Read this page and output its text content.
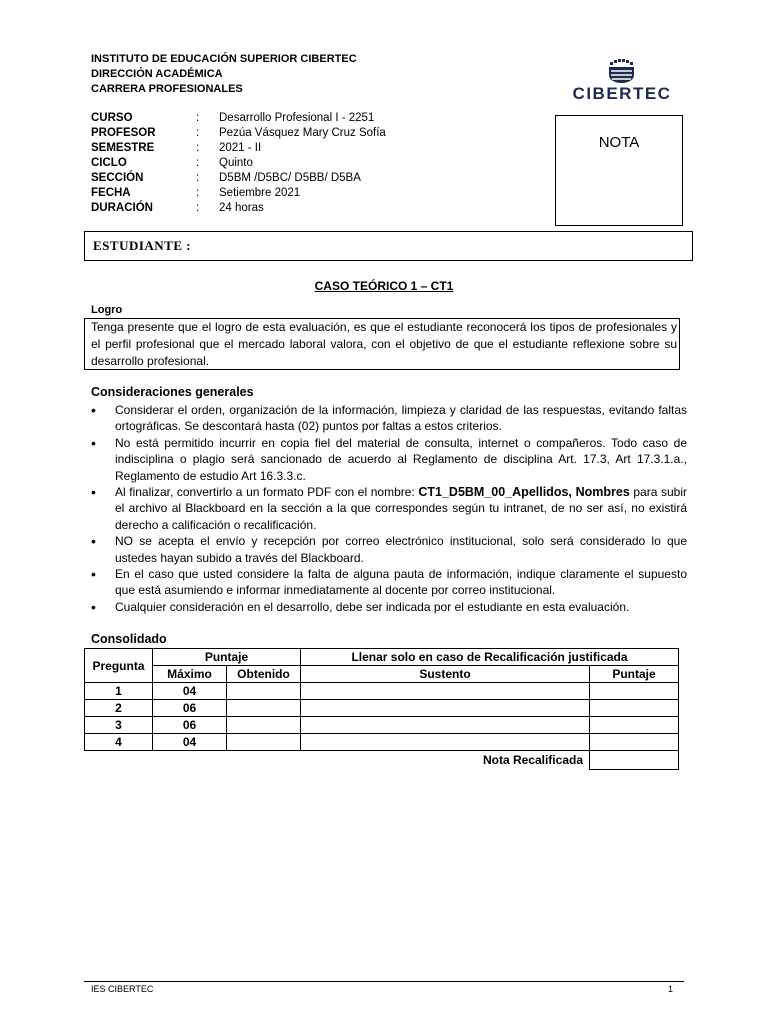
INSTITUTO DE EDUCACIÓN SUPERIOR CIBERTEC
DIRECCIÓN ACADÉMICA
CARRERA PROFESIONALES	CIBERTEC
CURSO	: Desarrollo Profesional I - 2251
PROFESOR	: Pezúa Vásquez Mary Cruz Sofía
SEMESTRE	: 2021 - II
CICLO	: Quinto
SECCIÓN	: D5BM /D5BC/ D5BB/ D5BA
FECHA	: Setiembre 2021
DURACIÓN	: 24 horas
NOTA
ESTUDIANTE :
CASO TEÓRICO 1 – CT1
Logro
Tenga presente que el logro de esta evaluación, es que el estudiante reconocerá los tipos de profesionales y el perfil profesional que el mercado laboral valora, con el objetivo de que el estudiante reflexione sobre su desarrollo profesional.
Consideraciones generales
• Considerar el orden, organización de la información, limpieza y claridad de las respuestas, evitando faltas ortográficas. Se descontará hasta (02) puntos por faltas a estos criterios.
• No está permitido incurrir en copia fiel del material de consulta, internet o compañeros. Todo caso de indisciplina o plagio será sancionado de acuerdo al Reglamento de disciplina Art. 17.3, Art 17.3.1.a., Reglamento de estudio Art 16.3.3.c.
• Al finalizar, convertirlo a un formato PDF con el nombre: CT1_D5BM_00_Apellidos, Nombres para subir el archivo al Blackboard en la sección a la que correspondes según tu intranet, de no ser así, no existirá derecho a calificación o recalificación.
• NO se acepta el envío y recepción por correo electrónico institucional, solo será considerado lo que ustedes hayan subido a través del Blackboard.
• En el caso que usted considere la falta de alguna pauta de información, indique claramente el supuesto que está asumiendo e informar inmediatamente al docente por correo institucional.
• Cualquier consideración en el desarrollo, debe ser indicada por el estudiante en esta evaluación.
Consolidado
Pregunta	Puntaje		Llenar solo en caso de Recalificación justificada	
	Máximo	Obtenido	Sustento	Puntaje
1	04			
2	06			
3	06			
4	04			
Nota Recalificada				
IES CIBERTEC	1
